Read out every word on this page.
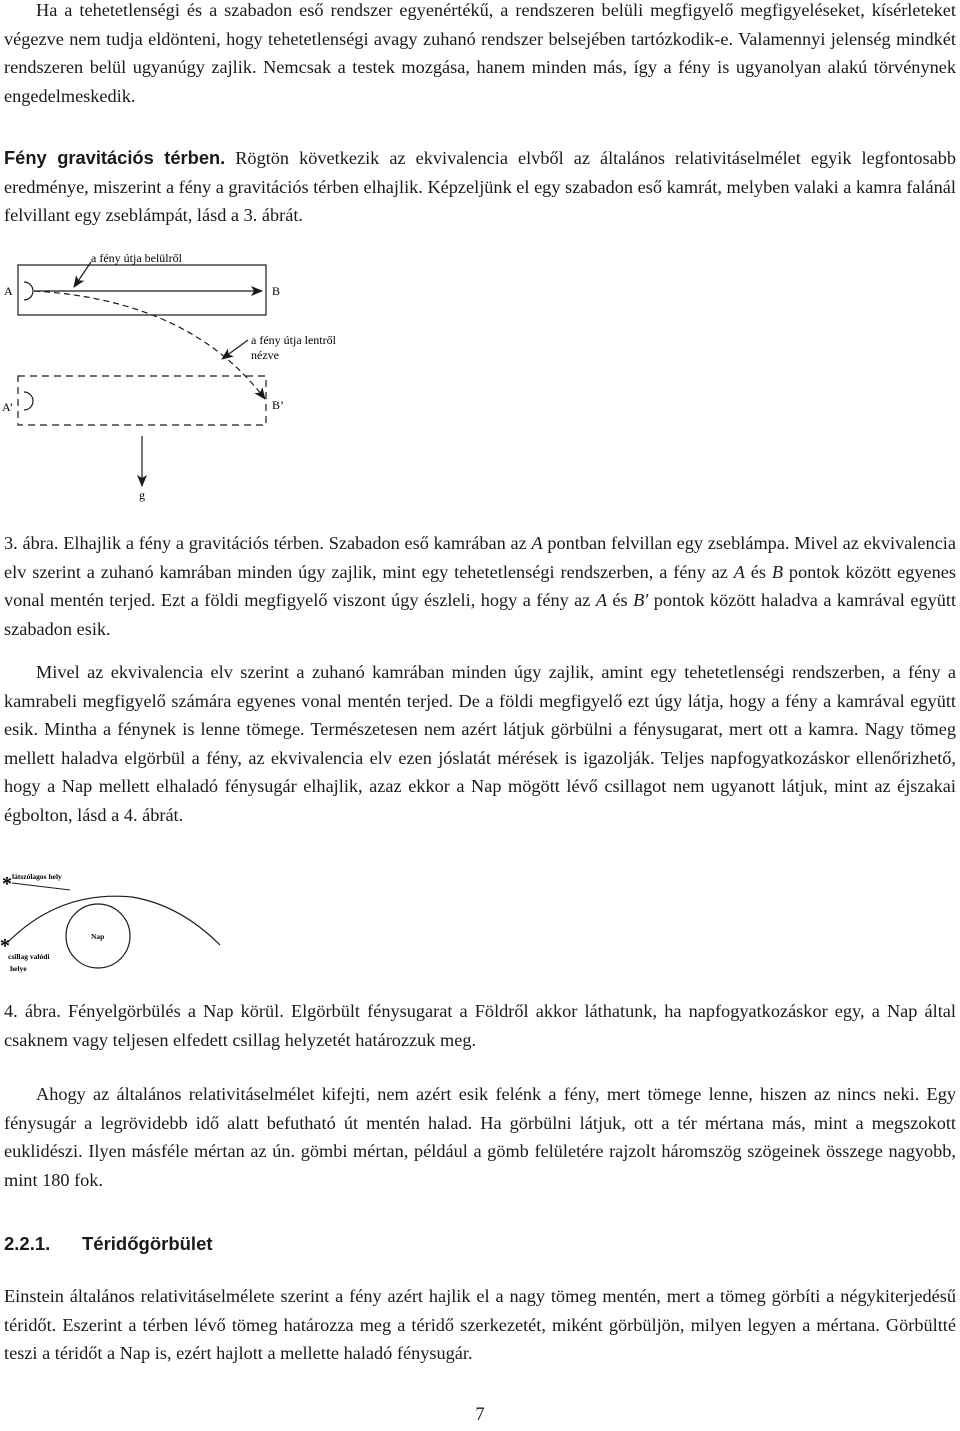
Ha a tehetetlenségi és a szabadon eső rendszer egyenértékű, a rendszeren belüli megfigyelő megfigyeléseket, kísérleteket végezve nem tudja eldönteni, hogy tehetetlenségi avagy zuhanó rendszer belsejében tartózkodik-e. Valamennyi jelenség mindkét rendszeren belül ugyanúgy zajlik. Nemcsak a testek mozgása, hanem minden más, így a fény is ugyanolyan alakú törvénynek engedelmeskedik.

Fény gravitációs térben. Rögtön következik az ekvivalencia elvből az általános relativitáselmélet egyik legfontosabb eredménye, miszerint a fény a gravitációs térben elhajlik. Képzeljünk el egy szabadon eső kamrát, melyben valaki a kamra falánál felvillant egy zseblámpát, lásd a 3. ábrát.

a fény útja belülről
A	B
a fény útja lentről
nézve
A’	B’
g

3. ábra. Elhajlik a fény a gravitációs térben. Szabadon eső kamrában az A pontban felvillan egy zseblámpa. Mivel az ekvivalencia elv szerint a zuhanó kamrában minden úgy zajlik, mint egy tehetetlenségi rendszerben, a fény az A és B pontok között egyenes vonal mentén terjed. Ezt a földi megfigyelő viszont úgy észleli, hogy a fény az A és B′ pontok között haladva a kamrával együtt szabadon esik.

Mivel az ekvivalencia elv szerint a zuhanó kamrában minden úgy zajlik, amint egy tehetetlenségi rendszerben, a fény a kamrabeli megfigyelő számára egyenes vonal mentén terjed. De a földi megfigyelő ezt úgy látja, hogy a fény a kamrával együtt esik. Mintha a fénynek is lenne tömege. Természetesen nem azért látjuk görbülni a fénysugarat, mert ott a kamra. Nagy tömeg mellett haladva elgörbül a fény, az ekvivalencia elv ezen jóslatát mérések is igazolják. Teljes napfogyatkozáskor ellenőrizhető, hogy a Nap mellett elhaladó fénysugár elhajlik, azaz ekkor a Nap mögött lévő csillagot nem ugyanott látjuk, mint az éjszakai égbolton, lásd a 4. ábrát.

* látszólagos hely
Nap
*
csillag valódi
helye

4. ábra. Fényelgörbülés a Nap körül. Elgörbült fénysugarat a Földről akkor láthatunk, ha napfogyatkozáskor egy, a Nap által csaknem vagy teljesen elfedett csillag helyzetét határozzuk meg.

Ahogy az általános relativitáselmélet kifejti, nem azért esik felénk a fény, mert tömege lenne, hiszen az nincs neki. Egy fénysugár a legrövidebb idő alatt befutható út mentén halad. Ha görbülni látjuk, ott a tér mértana más, mint a megszokott euklidészi. Ilyen másféle mértan az ún. gömbi mértan, például a gömb felületére rajzolt háromszög szögeinek összege nagyobb, mint 180 fok.

2.2.1. Téridőgörbület

Einstein általános relativitáselmélete szerint a fény azért hajlik el a nagy tömeg mentén, mert a tömeg görbíti a négykiterjedésű téridőt. Eszerint a térben lévő tömeg határozza meg a téridő szerkezetét, miként görbüljön, milyen legyen a mértana. Görbültté teszi a téridőt a Nap is, ezért hajlott a mellette haladó fénysugár.

7
